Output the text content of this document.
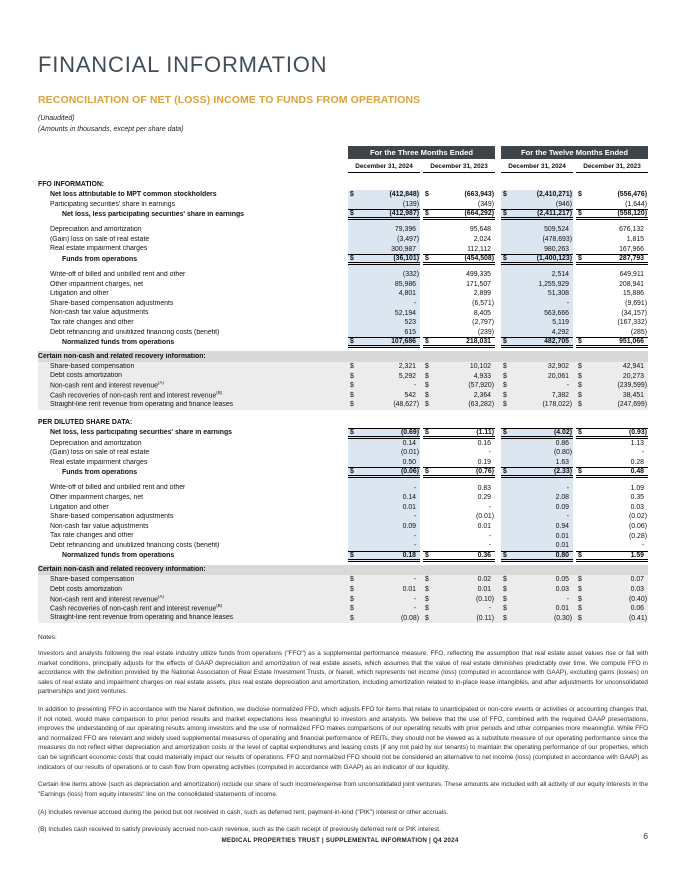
FINANCIAL INFORMATION
RECONCILIATION OF NET (LOSS) INCOME TO FUNDS FROM OPERATIONS
(Unaudited)
(Amounts in thousands, except per share data)
For the Three Months Ended	For the Twelve Months Ended
December 31, 2024	December 31, 2023	December 31, 2024	December 31, 2023
FFO INFORMATION:
Net loss attributable to MPT common stockholders	$	(412,848) $	(663,943) $	(2,410,271) $	(556,476)
Participating securities' share in earnings	(139)	(349)	(946)	(1,644)
Net loss, less participating securities' share in earnings	$	(412,987) $	(664,292) $	(2,411,217) $	(558,120)
Depreciation and amortization	79,396	95,648	509,524	676,132
(Gain) loss on sale of real estate	(3,497)	2,024	(478,693)	1,815
Real estate impairment charges	300,987	112,112	980,263	167,966
Funds from operations	$	(36,101) $	(454,508) $	(1,400,123) $	287,793
Write-off of billed and unbilled rent and other	(332)	499,335	2,514	649,911
Other impairment charges, net	85,986	171,507	1,255,929	208,941
Litigation and other	4,801	2,899	51,308	15,886
Share-based compensation adjustments	-	(6,571)	-	(9,691)
Non-cash fair value adjustments	52,194	8,405	563,666	(34,157)
Tax rate changes and other	523	(2,797)	5,119	(167,332)
Debt refinancing and unutilized financing costs (benefit)	615	(239)	4,292	(285)
Normalized funds from operations	$	107,686	$	218,031	$	482,705	$	951,066
Certain non-cash and related recovery information:
Share-based compensation	$	2,321	$	10,102	$	32,902	$	42,941
Debt costs amortization	$	5,292	$	4,933	$	20,061	$	20,273
Non-cash rent and interest revenue$^{(A)}$	$	-	$	(57,920) $	-	$	(239,599)
Cash recoveries of non-cash rent and interest revenue$^{(B)}$	$	542	$	2,364	$	7,382	$	38,451
Straight-line rent revenue from operating and finance leases	$	(48,627) $	(63,282) $	(178,022) $	(247,699)
PER DILUTED SHARE DATA:
Net loss, less participating securities' share in earnings	$	(0.69) $	(1.11) $	(4.02) $	(0.93)
Depreciation and amortization	0.14	0.16	0.86	1.13
(Gain) loss on sale of real estate	(0.01)	-	(0.80)	-
Real estate impairment charges	0.50	0.19	1.63	0.28
Funds from operations	$	(0.06) $	(0.76) $	(2.33) $	0.48
Write-off of billed and unbilled rent and other	-	0.83	-	1.09
Other impairment charges, net	0.14	0.29	2.08	0.35
Litigation and other	0.01	-	0.09	0.03
Share-based compensation adjustments	-	(0.01)	-	(0.02)
Non-cash fair value adjustments	0.09	0.01	0.94	(0.06)
Tax rate changes and other	-	-	0.01	(0.28)
Debt refinancing and unutilized financing costs (benefit)	-	-	0.01	-
Normalized funds from operations	$	0.18	$	0.36	$	0.80	$	1.59
Certain non-cash and related recovery information:
Share-based compensation	$	-	$	0.02	$	0.05	$	0.07
Debt costs amortization	$	0.01	$	0.01	$	0.03	$	0.03
Non-cash rent and interest revenue$^{(A)}$	$	-	$	(0.10) $	-	$	(0.40)
Cash recoveries of non-cash rent and interest revenue$^{(B)}$	$	-	$	-	$	0.01	$	0.06
Straight-line rent revenue from operating and finance leases	$	(0.08) $	(0.11) $	(0.30) $	(0.41)
Notes:
Investors and analysts following the real estate industry utilize funds from operations ("FFO") as a supplemental performance measure. FFO, reflecting the assumption that real estate asset values rise or fall with market conditions, principally adjusts for the effects of GAAP depreciation and amortization of real estate assets, which assumes that the value of real estate diminishes predictably over time. We compute FFO in accordance with the definition provided by the National Association of Real Estate Investment Trusts, or Nareit, which represents net income (loss) (computed in accordance with GAAP), excluding gains (losses) on sales of real estate and impairment charges on real estate assets, plus real estate depreciation and amortization, including amortization related to in-place lease intangibles, and after adjustments for unconsolidated partnerships and joint ventures.
In addition to presenting FFO in accordance with the Nareit definition, we disclose normalized FFO, which adjusts FFO for items that relate to unanticipated or non-core events or activities or accounting changes that, if not noted, would make comparison to prior period results and market expectations less meaningful to investors and analysts. We believe that the use of FFO, combined with the required GAAP presentations, improves the understanding of our operating results among investors and the use of normalized FFO makes comparisons of our operating results with prior periods and other companies more meaningful. While FFO and normalized FFO are relevant and widely used supplemental measures of operating and financial performance of REITs, they should not be viewed as a substitute measure of our operating performance since the measures do not reflect either depreciation and amortization costs or the level of capital expenditures and leasing costs (if any not paid by our tenants) to maintain the operating performance of our properties, which can be significant economic costs that could materially impact our results of operations. FFO and normalized FFO should not be considered an alternative to net income (loss) (computed in accordance with GAAP) as indicators of our results of operations or to cash flow from operating activities (computed in accordance with GAAP) as an indicator of our liquidity.
Certain line items above (such as depreciation and amortization) include our share of such income/expense from unconsolidated joint ventures. These amounts are included with all activity of our equity interests in the "Earnings (loss) from equity interests" line on the consolidated statements of income.
(A) Includes revenue accrued during the period but not received in cash, such as deferred rent, payment-in-kind ("PIK") interest or other accruals.
(B) Includes cash received to satisfy previously accrued non-cash revenue, such as the cash receipt of previously deferred rent or PIK interest.
MEDICAL PROPERTIES TRUST | SUPPLEMENTAL INFORMATION | Q4 2024	6
